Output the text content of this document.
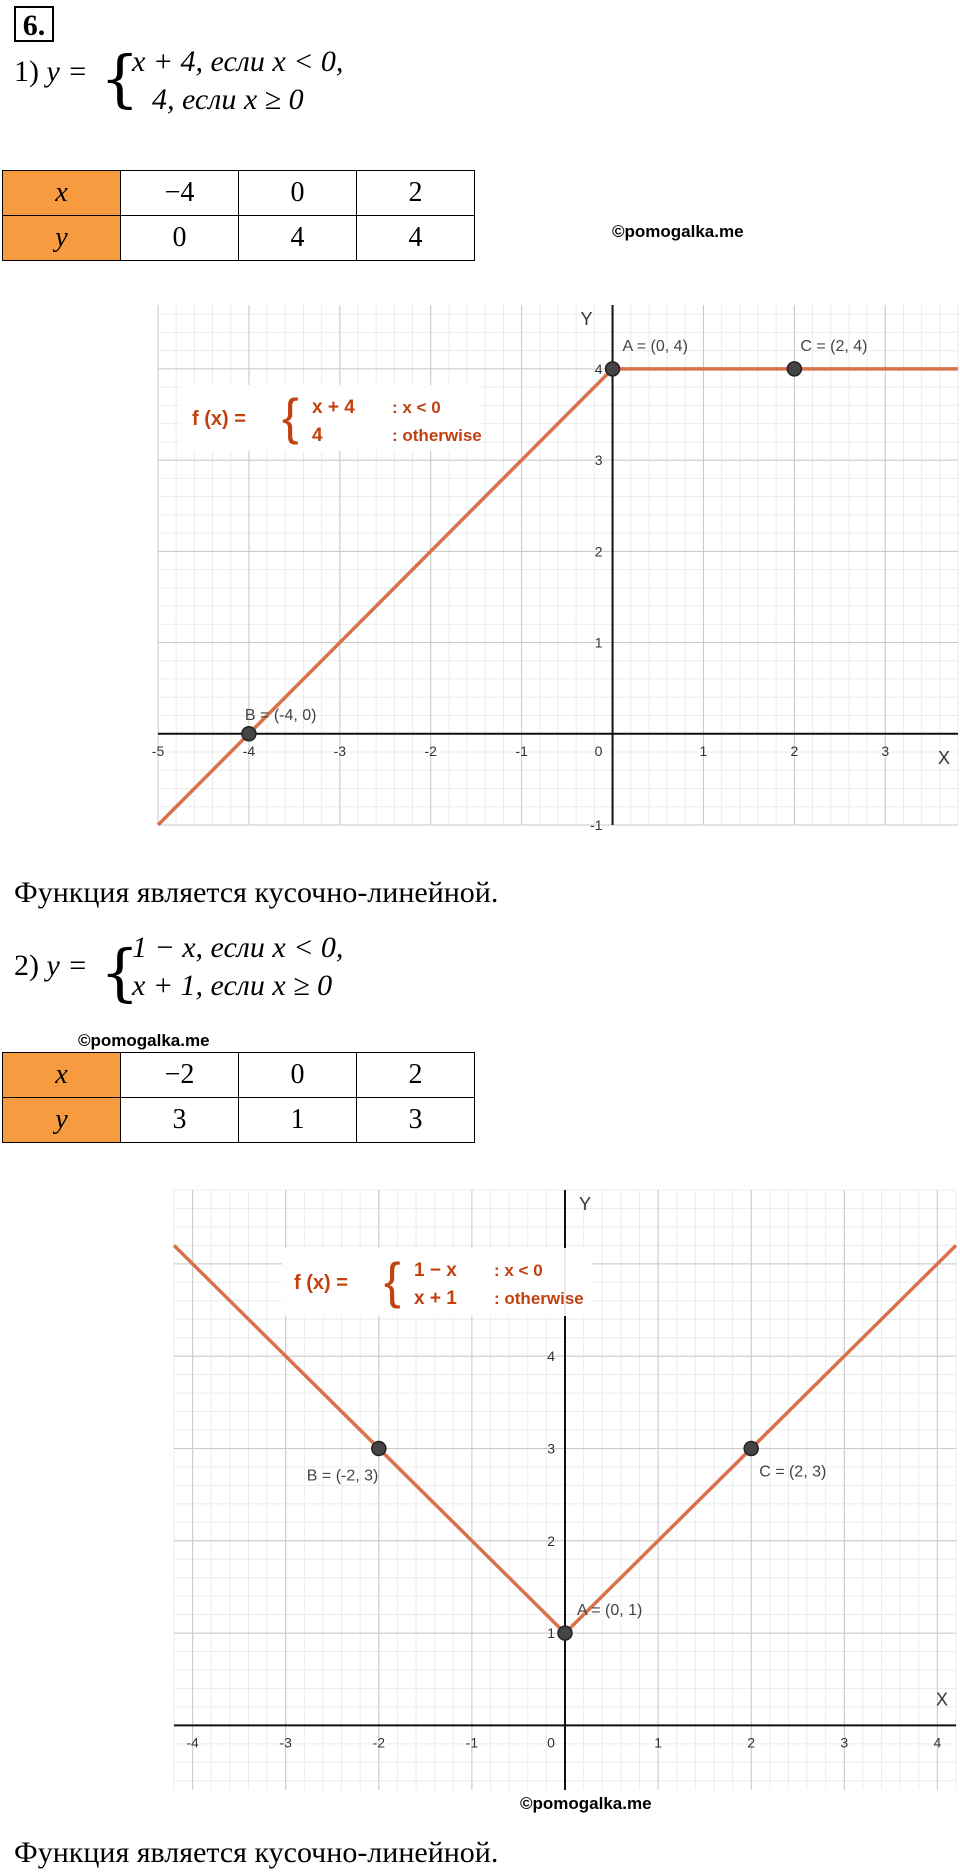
6.
1) y = {
x + 4, если x < 0,
4, если x ≥ 0
x	−4	0	2
y	0	4	4	©pomogalka.me
-5	-4	-3	-2	-1	0	1	2	3
-1
1
2
3
4
X
Y
f (x) = { x + 4 : x < 0
4	: otherwise
A = (0, 4)
B = (-4, 0)
C = (2, 4)
Функция является кусочно-линейной.
2) y = {
1 − x, если x < 0,
x + 1, если x ≥ 0
©pomogalka.me
x	−2	0	2
y	3	1	3
-4	-3	-2	-1	0	1	2	3	4
1
2
3
4
X
Y
f (x) = { 1 − x : x < 0
x + 1 : otherwise
A = (0, 1)
B = (-2, 3)	C = (2, 3)
©pomogalka.me
Функция является кусочно-линейной.
